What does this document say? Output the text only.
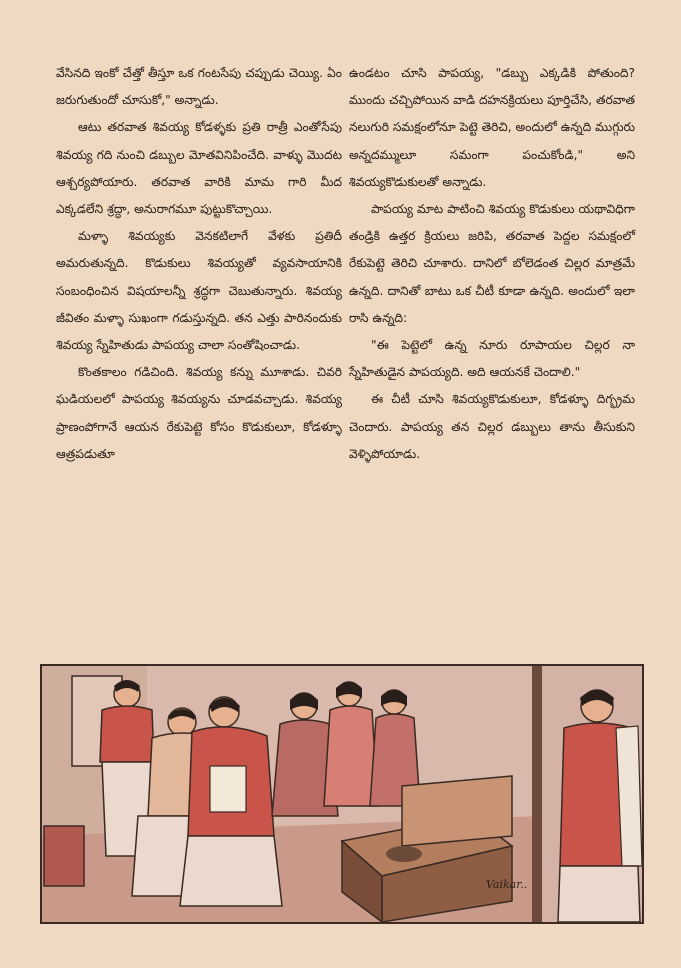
వేసినది ఇంకో చేత్తో తీస్తూ ఒక గంటసేపు చప్పుడు చెయ్యి. ఏం జరుగుతుందో చూసుకో," అన్నాడు.

ఆటు తరవాత శివయ్య కోడళ్ళకు ప్రతి రాత్రీ ఎంతోసేపు శివయ్య గది నుంచి డబ్బుల మోతవినిపించేది. వాళ్ళు మొదట ఆశ్చర్యపోయారు. తరవాత వారికి మామ గారి మీద ఎక్కడలేని శ్రద్ధా, అనురాగమూ పుట్టుకొచ్చాయి.

మళ్ళా శివయ్యకు వెనకటిలాగే వేళకు ప్రతిదీ అమరుతున్నది. కొడుకులు శివయ్యతో వ్యవసాయానికి సంబంధించిన విషయాలన్నీ శ్రద్ధగా చెబుతున్నారు. శివయ్య జీవితం మళ్ళా సుఖంగా గడుస్తున్నది. తన ఎత్తు పారినందుకు శివయ్య స్నేహితుడు పాపయ్య చాలా సంతోషించాడు.

కొంతకాలం గడిచింది. శివయ్య కన్ను మూశాడు. చివరి ఘడియలలో పాపయ్య శివయ్యను చూడవచ్చాడు. శివయ్య ప్రాణంపోగానే ఆయన రేకుపెట్టె కోసం కొడుకులూ, కోడళ్ళూ ఆత్రపడుతూ

ఉండటం చూసి పాపయ్య, "డబ్బు ఎక్కడికి పోతుంది? ముందు చచ్చిపోయిన వాడి దహనక్రియలు పూర్తిచేసి, తరవాత నలుగురి సమక్షంలోనూ పెట్టె తెరిచి, అందులో ఉన్నది ముగ్గురు అన్నదమ్ములూ సమంగా పంచుకోండి," అని శివయ్యకొడుకులతో అన్నాడు.

పాపయ్య మాట పాటించి శివయ్య కొడుకులు యథావిధిగా తండ్రికి ఉత్తర క్రియలు జరిపి, తరవాత పెద్దల సమక్షంలో రేకుపెట్టె తెరిచి చూశారు. దానిలో బోలెడంత చిల్లర మాత్రమే ఉన్నది. దానితో బాటు ఒక చీటీ కూడా ఉన్నది. అందులో ఇలా రాసి ఉన్నది:

"ఈ పెట్టెలో ఉన్న నూరు రూపాయల చిల్లర నా స్నేహితుడైన పాపయ్యది. అది ఆయనకే చెందాలి."

ఈ చీటీ చూసి శివయ్యకొడుకులూ, కోడళ్ళూ దిగ్భ్రమ చెందారు. పాపయ్య తన చిల్లర డబ్బులు తాను తీసుకుని వెళ్ళిపోయాడు.

Vaikar..
